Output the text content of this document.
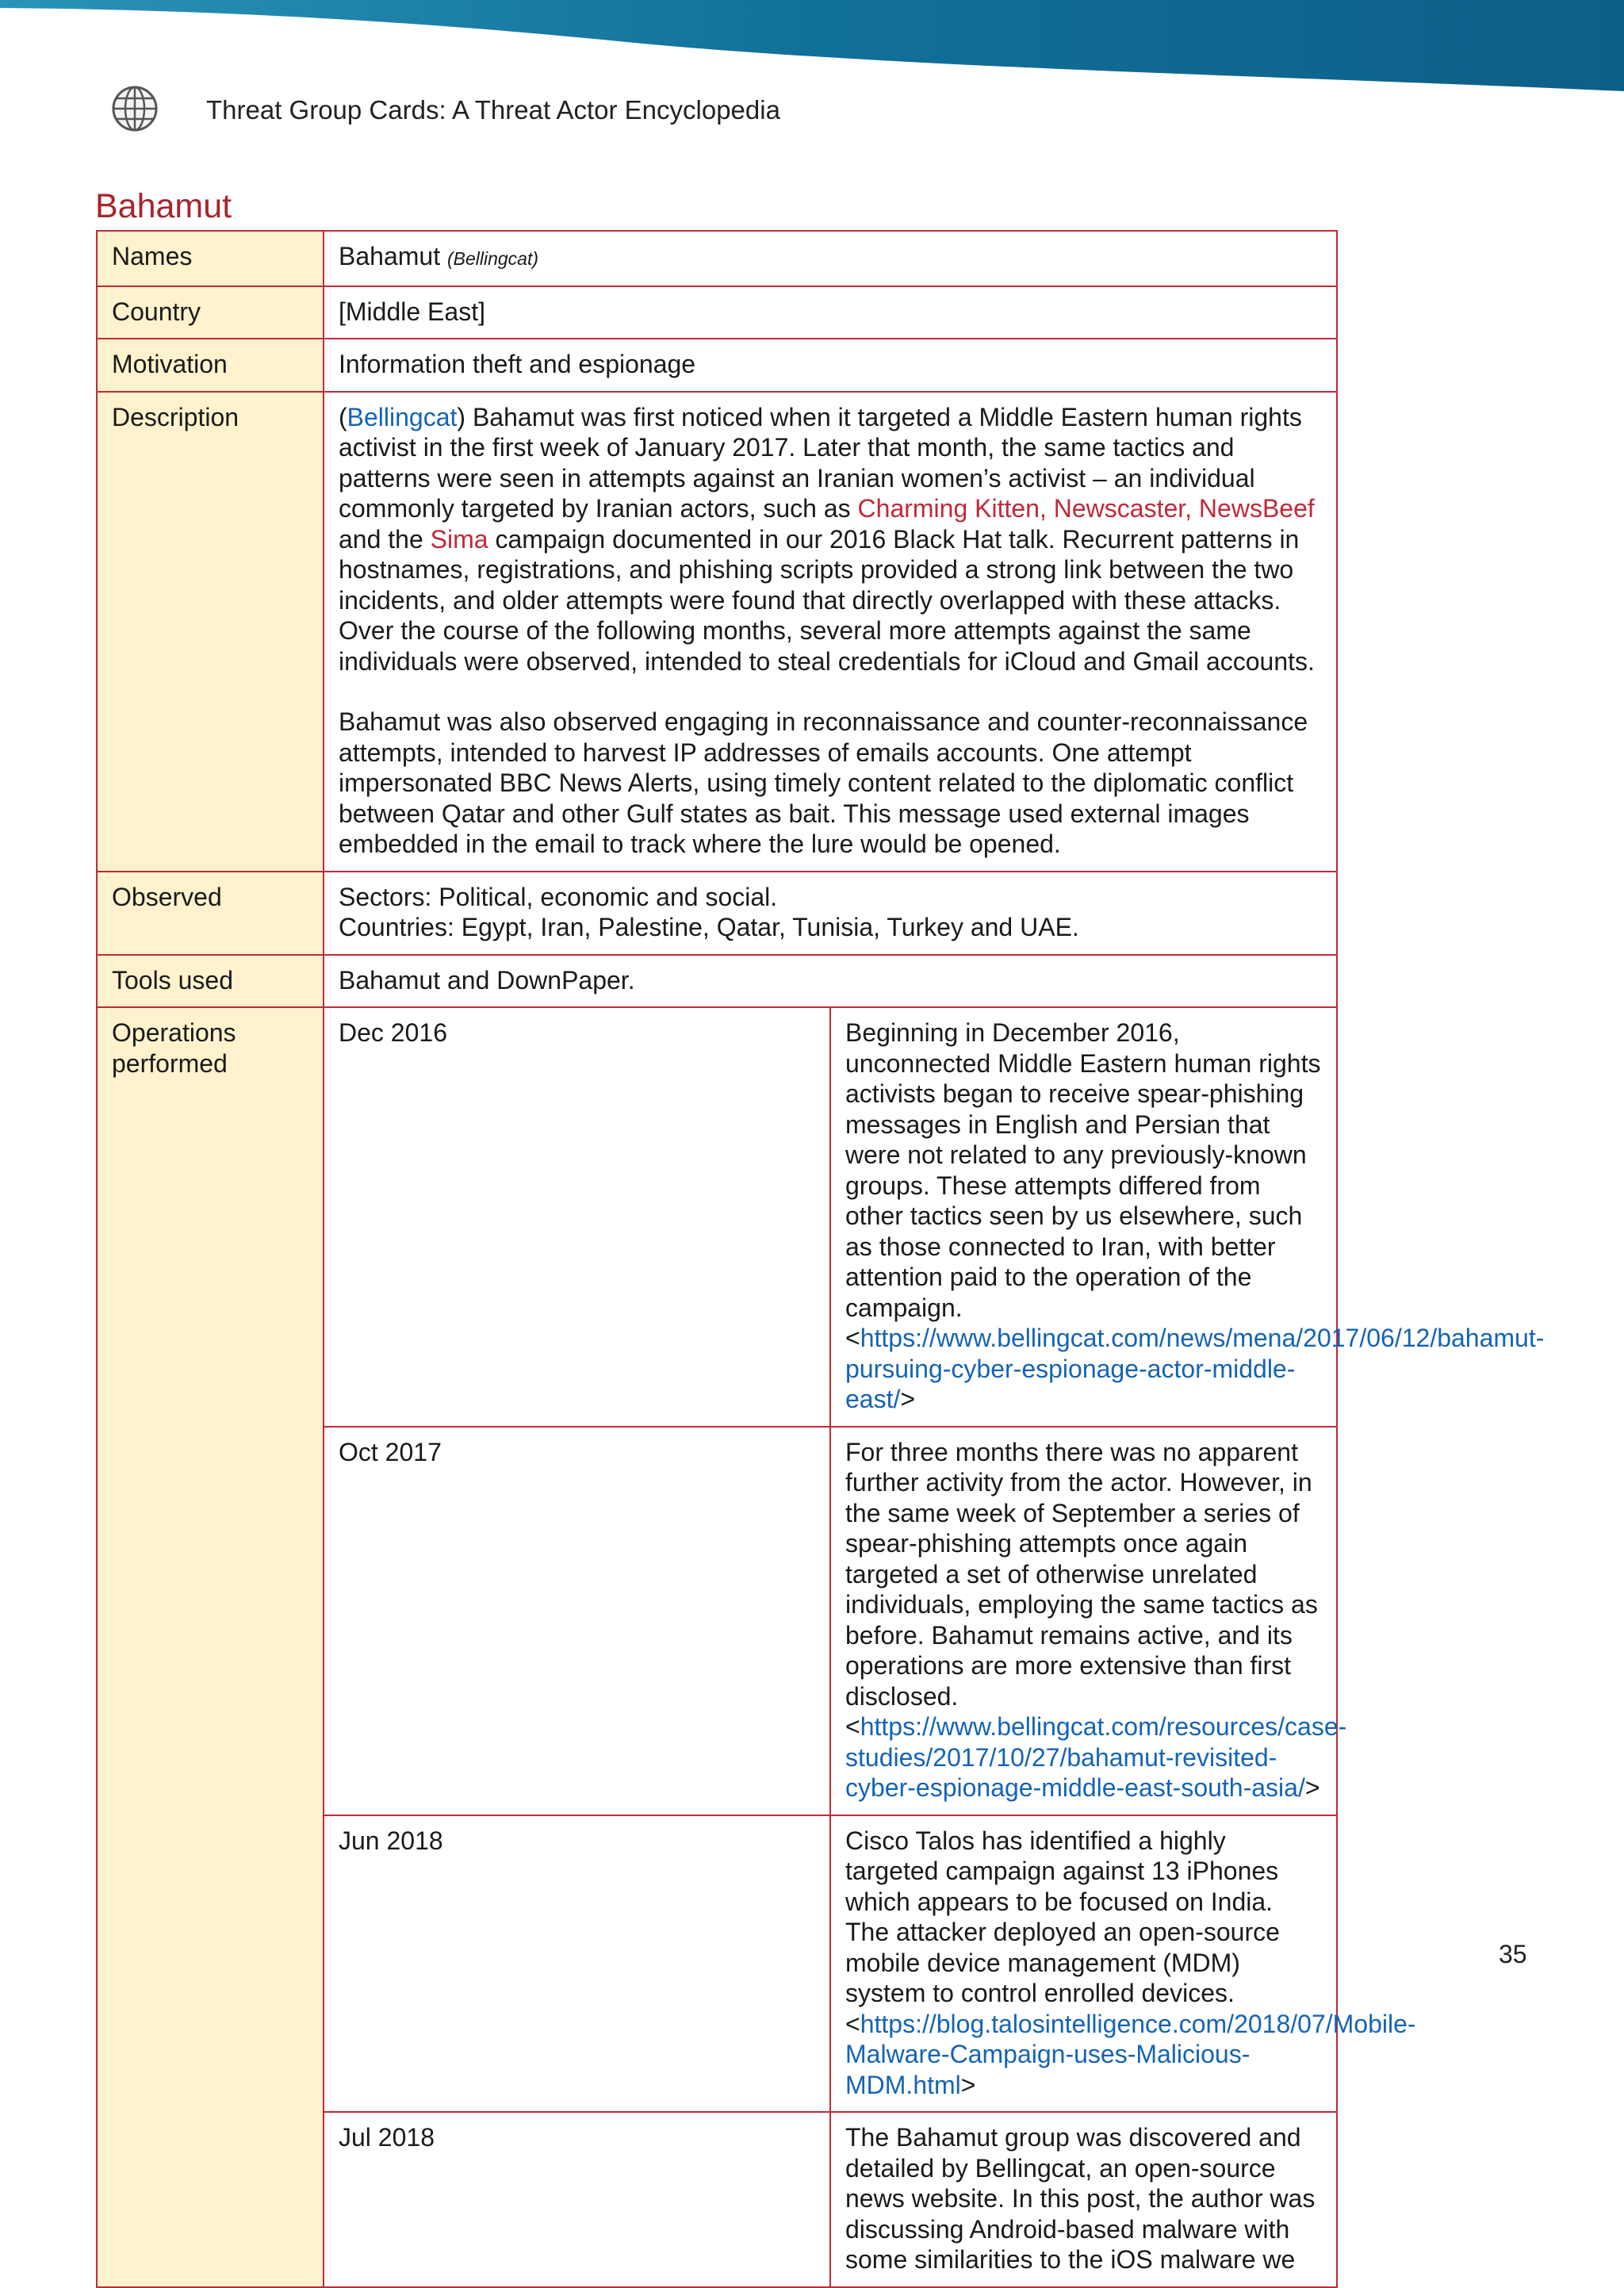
Threat Group Cards: A Threat Actor Encyclopedia
Bahamut
Names	Bahamut (Bellingcat)	
Country	[Middle East]	
Motivation	Information theft and espionage	
Description	(Bellingcat) Bahamut was first noticed when it targeted a Middle Eastern human rights activist in the first week of January 2017. Later that month, the same tactics and patterns were seen in attempts against an Iranian women’s activist – an individual commonly targeted by Iranian actors, such as Charming Kitten, Newscaster, NewsBeef and the Sima campaign documented in our 2016 Black Hat talk. Recurrent patterns in hostnames, registrations, and phishing scripts provided a strong link between the two incidents, and older attempts were found that directly overlapped with these attacks. Over the course of the following months, several more attempts against the same individuals were observed, intended to steal credentials for iCloud and Gmail accounts.
Bahamut was also observed engaging in reconnaissance and counter-reconnaissance attempts, intended to harvest IP addresses of emails accounts. One attempt impersonated BBC News Alerts, using timely content related to the diplomatic conflict between Qatar and other Gulf states as bait. This message used external images embedded in the email to track where the lure would be opened.	

Observed	Sectors: Political, economic and social.
Countries: Egypt, Iran, Palestine, Qatar, Tunisia, Turkey and UAE.	

Tools used	Bahamut and DownPaper.	
Operations performed	Dec 2016	Beginning in December 2016, unconnected Middle Eastern human rights activists began to receive spear-phishing messages in English and Persian that were not related to any previously-known groups. These attempts differed from other tactics seen by us elsewhere, such as those connected to Iran, with better attention paid to the operation of the campaign.
<https://www.bellingcat.com/news/mena/2017/06/12/bahamut-pursuing-cyber-espionage-actor-middle-east/>

	Oct 2017	For three months there was no apparent further activity from the actor. However, in the same week of September a series of spear-phishing attempts once again targeted a set of otherwise unrelated individuals, employing the same tactics as before. Bahamut remains active, and its operations are more extensive than first disclosed.
<https://www.bellingcat.com/resources/case-studies/2017/10/27/bahamut-revisited-cyber-espionage-middle-east-south-asia/>

	Jun 2018	Cisco Talos has identified a highly targeted campaign against 13 iPhones which appears to be focused on India. The attacker deployed an open-source mobile device management (MDM) system to control enrolled devices.
<https://blog.talosintelligence.com/2018/07/Mobile-Malware-Campaign-uses-Malicious-MDM.html>

	Jul 2018	The Bahamut group was discovered and detailed by Bellingcat, an open-source news website. In this post, the author was discussing Android-based malware with some similarities to the iOS malware we
35
